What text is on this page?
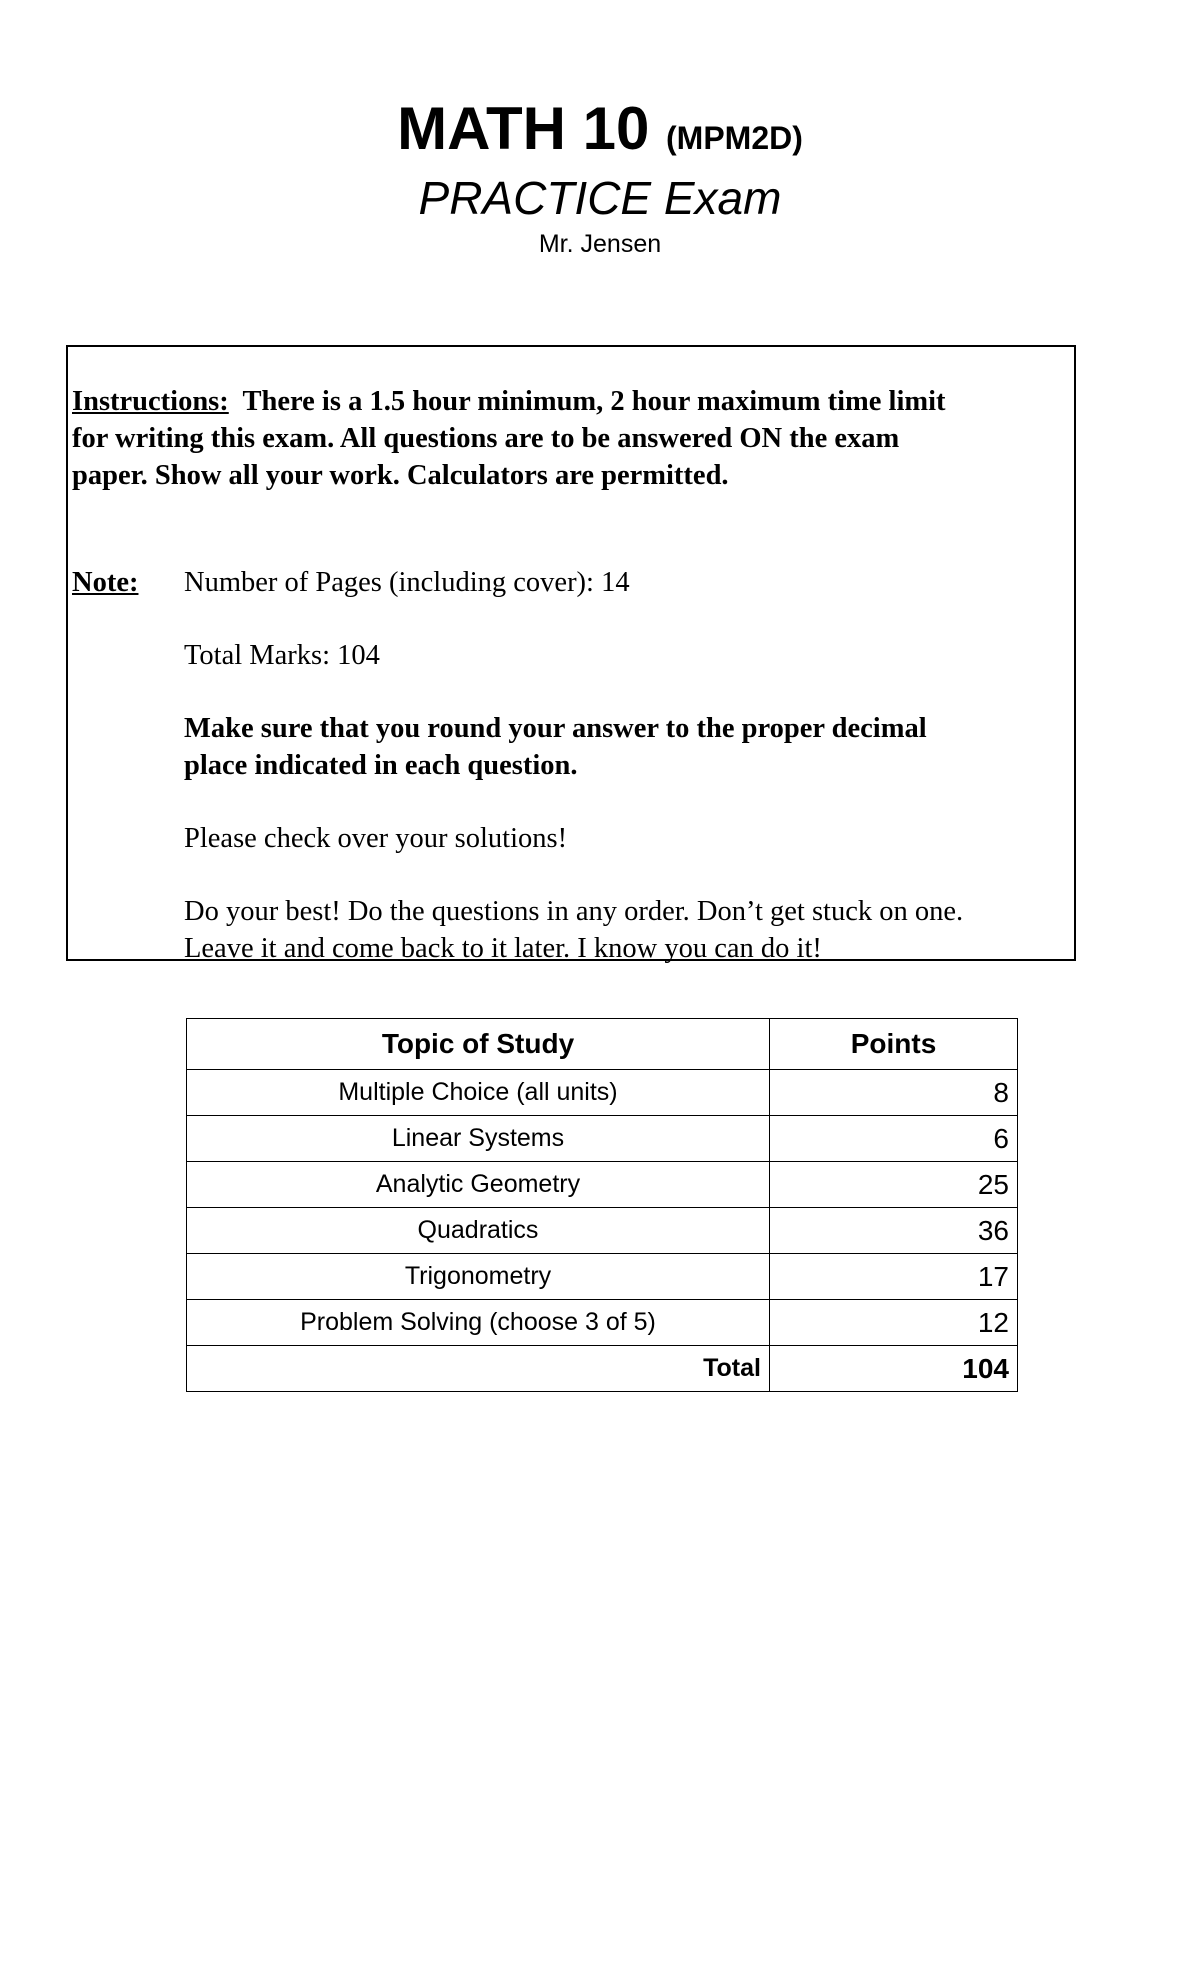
MATH 10 (MPM2D)
PRACTICE Exam
Mr. Jensen
Instructions: There is a 1.5 hour minimum, 2 hour maximum time limit
for writing this exam. All questions are to be answered ON the exam
paper. Show all your work. Calculators are permitted.
Note: Number of Pages (including cover): 14

Total Marks: 104

Make sure that you round your answer to the proper decimal
place indicated in each question.

Please check over your solutions!

Do your best! Do the questions in any order. Don’t get stuck on one.
Leave it and come back to it later. I know you can do it!

Topic of Study	Points
Multiple Choice (all units)	8
Linear Systems	6
Analytic Geometry	25
Quadratics	36
Trigonometry	17
Problem Solving (choose 3 of 5)	12
Total	104
